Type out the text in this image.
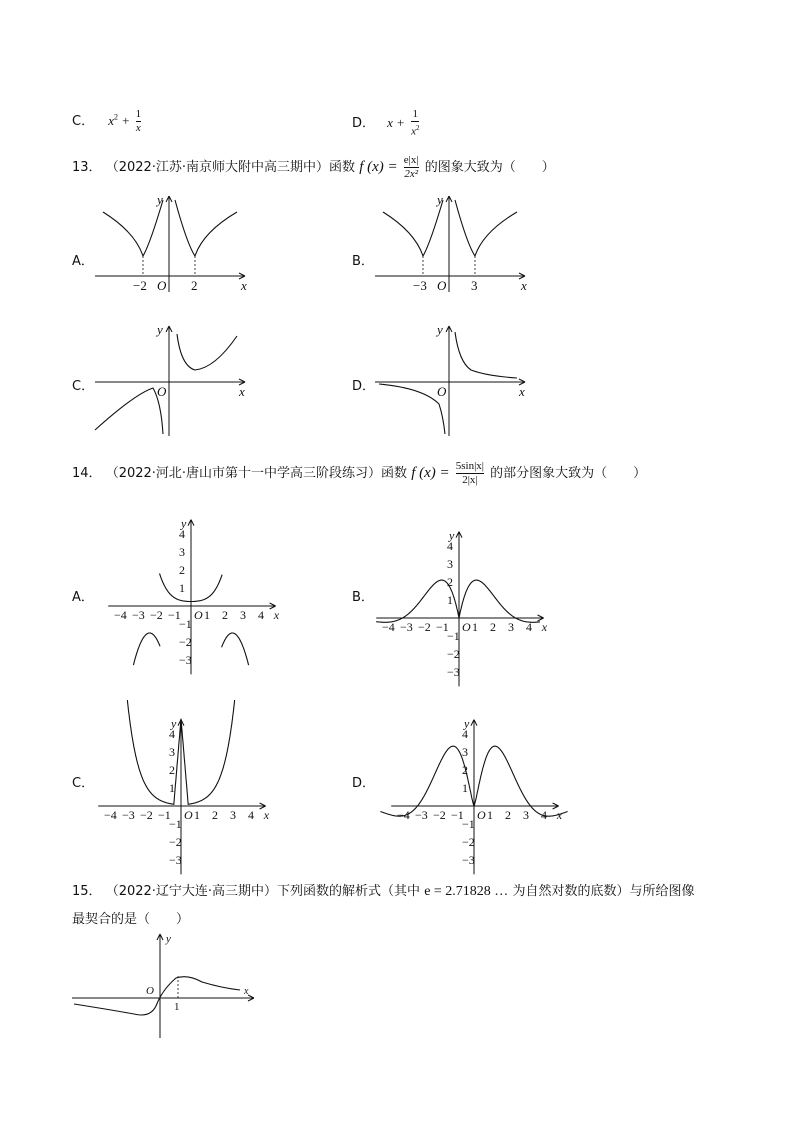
C． $x^2 + \frac{1}{x}$	D． $x + \frac{1}{x^2}$
13． （2022·江苏·南京师大附中高三期中）函数 f $(x) = \frac{e|x|}{\text{2x²}}$ 的图象大致为（　　）
A．	B．
C．	D．
−2 O 2	x
y
−3 O 3	x
y
y
O	x
y
O	x
14． （2022·河北·唐山市第十一中学高三阶段练习）函数 f $(x) = \frac{5\sin|x|}{2|x|}$ 的部分图象大致为（　　）
A．	B．
C．	D．
−4 −3 −2 −1 1 2 3 4
4
3
2
1
−1
−2
−3
O	x
y
−4 −3 −2 −1 1 2 3 4
4
3
2
1
−1
−2
−3
O	x
y
−4 −3 −2 −1 1 2 3 4
4
3
2
1
−1
−2
−3
O	x
y
−4 −3 −2 −1 1 2 3 4
4
3
2
1
−1
−2
−3
O	x
y
15． （2022·辽宁大连·高三期中）下列函数的解析式（其中 e = 2.71828 … 为自然对数的底数）与所给图像
最契合的是（　　）
y
O	x
1
